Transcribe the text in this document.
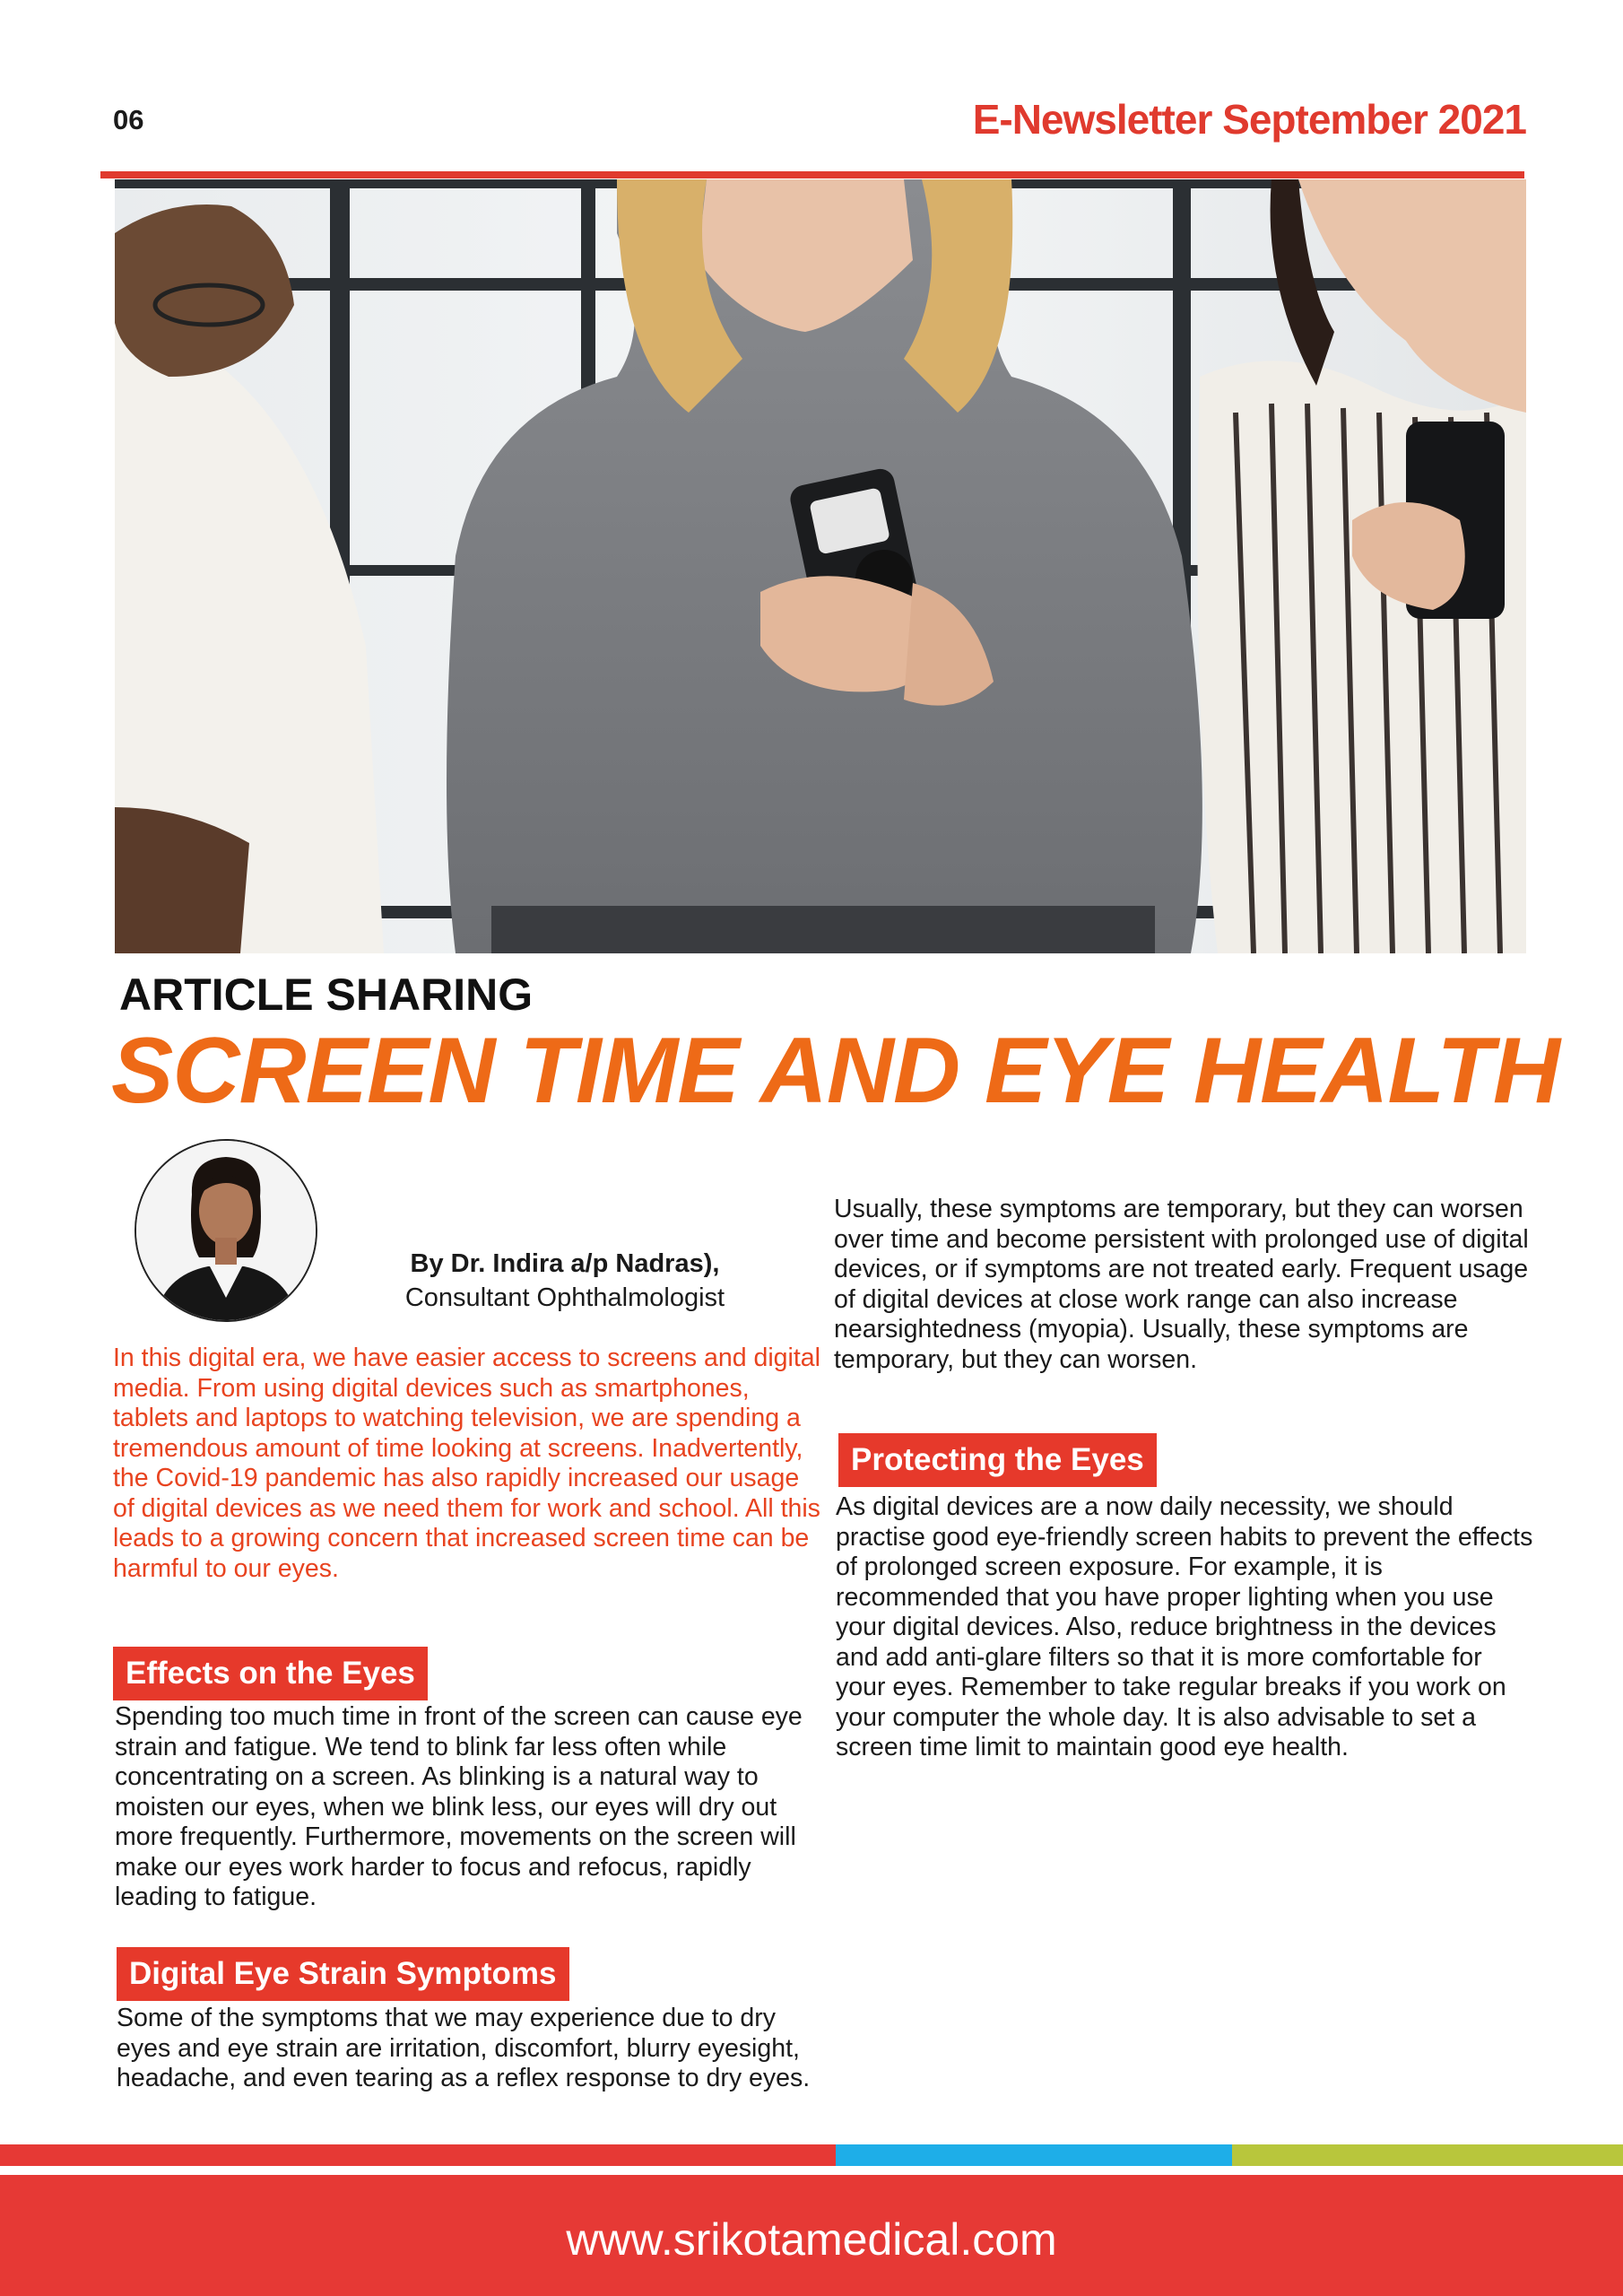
06	E-Newsletter September 2021
ARTICLE SHARING
SCREEN TIME AND EYE HEALTH
By Dr. Indira a/p Nadras),
Consultant Ophthalmologist

In this digital era, we have easier access to screens and digital media. From using digital devices such as smartphones, tablets and laptops to watching television, we are spending a tremendous amount of time looking at screens. Inadvertently, the Covid-19 pandemic has also rapidly increased our usage of digital devices as we need them for work and school. All this leads to a growing concern that increased screen time can be harmful to our eyes.

Effects on the Eyes

Spending too much time in front of the screen can cause eye strain and fatigue. We tend to blink far less often while concentrating on a screen. As blinking is a natural way to moisten our eyes, when we blink less, our eyes will dry out more frequently. Furthermore, movements on the screen will make our eyes work harder to focus and refocus, rapidly leading to fatigue.

Digital Eye Strain Symptoms

Some of the symptoms that we may experience due to dry eyes and eye strain are irritation, discomfort, blurry eyesight, headache, and even tearing as a reflex response to dry eyes.

Usually, these symptoms are temporary, but they can worsen over time and become persistent with prolonged use of digital devices, or if symptoms are not treated early. Frequent usage of digital devices at close work range can also increase nearsightedness (myopia). Usually, these symptoms are temporary, but they can worsen.

Protecting the Eyes

As digital devices are a now daily necessity, we should practise good eye-friendly screen habits to prevent the effects of prolonged screen exposure. For example, it is recommended that you have proper lighting when you use your digital devices. Also, reduce brightness in the devices and add anti-glare filters so that it is more comfortable for your eyes. Remember to take regular breaks if you work on your computer the whole day. It is also advisable to set a screen time limit to maintain good eye health.

www.srikotamedical.com
